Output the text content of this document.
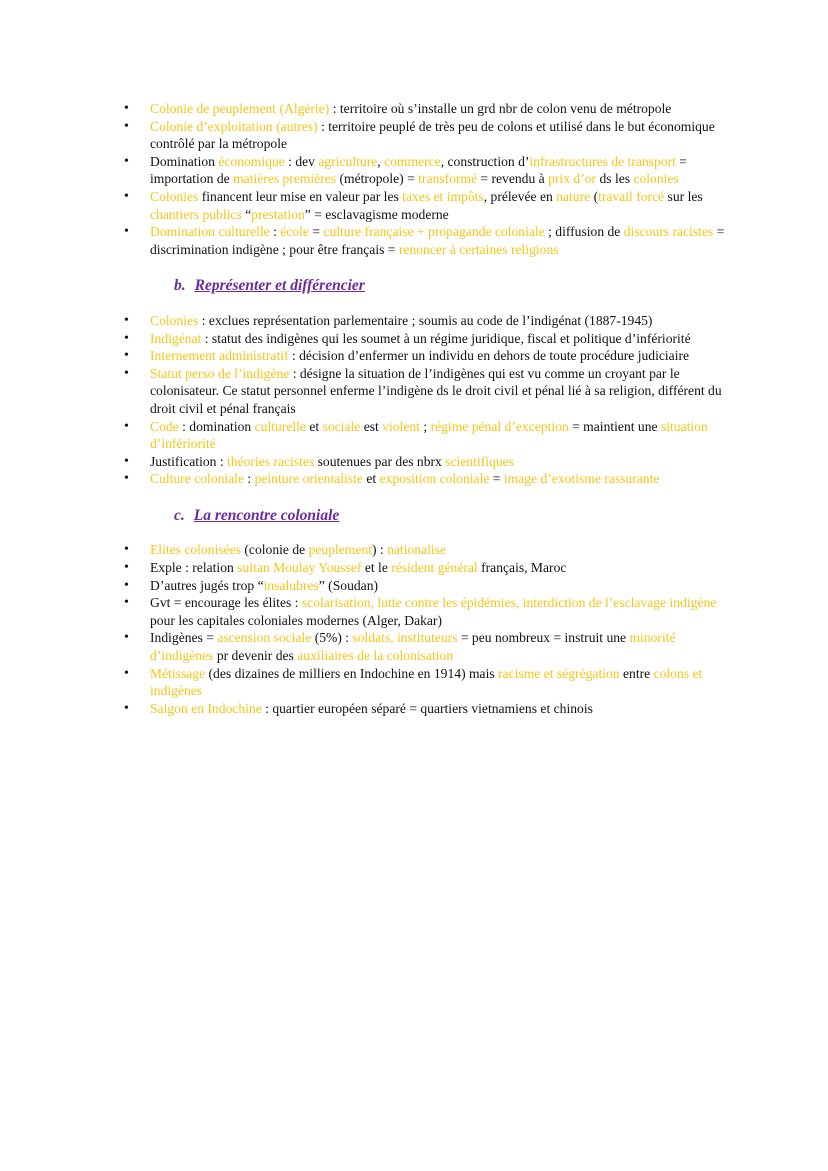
• Colonie de peuplement (Algérie) : territoire où s’installe un grd nbr de colon venu de métropole
• Colonie d’exploitation (autres) : territoire peuplé de très peu de colons et utilisé dans le but économique contrôlé par la métropole
• Domination économique : dev agriculture, commerce, construction d’infrastructures de transport = importation de matières premières (métropole) = transformé = revendu à prix d’or ds les colonies
• Colonies financent leur mise en valeur par les taxes et impôts, prélevée en nature (travail forcé sur les chantiers publics “prestation” = esclavagisme moderne
• Domination culturelle : école = culture française + propagande coloniale ; diffusion de discours racistes = discrimination indigène ; pour être français = renoncer à certaines religions
b. Représenter et différencier
• Colonies : exclues représentation parlementaire ; soumis au code de l’indigénat (1887-1945)
• Indigénat : statut des indigènes qui les soumet à un régime juridique, fiscal et politique d’infériorité
• Internement administratif : décision d’enfermer un individu en dehors de toute procédure judiciaire
• Statut perso de l’indigène : désigne la situation de l’indigènes qui est vu comme un croyant par le colonisateur. Ce statut personnel enferme l’indigène ds le droit civil et pénal lié à sa religion, différent du droit civil et pénal français
• Code : domination culturelle et sociale est violent ; régime pénal d’exception = maintient une situation d’infériorité
• Justification : théories racistes soutenues par des nbrx scientifiques
• Culture coloniale : peinture orientaliste et exposition coloniale = image d’exotisme rassurante
c. La rencontre coloniale
• Elites colonisées (colonie de peuplement) : nationalise
• Exple : relation sultan Moulay Youssef et le résident général français, Maroc
• D’autres jugés trop “insalubres” (Soudan)
• Gvt = encourage les élites : scolarisation, lutte contre les épidémies, interdiction de l’esclavage indigène pour les capitales coloniales modernes (Alger, Dakar)
• Indigènes = ascension sociale (5%) : soldats, instituteurs = peu nombreux = instruit une minorité d’indigènes pr devenir des auxiliaires de la colonisation
• Métissage (des dizaines de milliers en Indochine en 1914) mais racisme et ségrégation entre colons et indigènes
• Saigon en Indochine : quartier européen séparé = quartiers vietnamiens et chinois
